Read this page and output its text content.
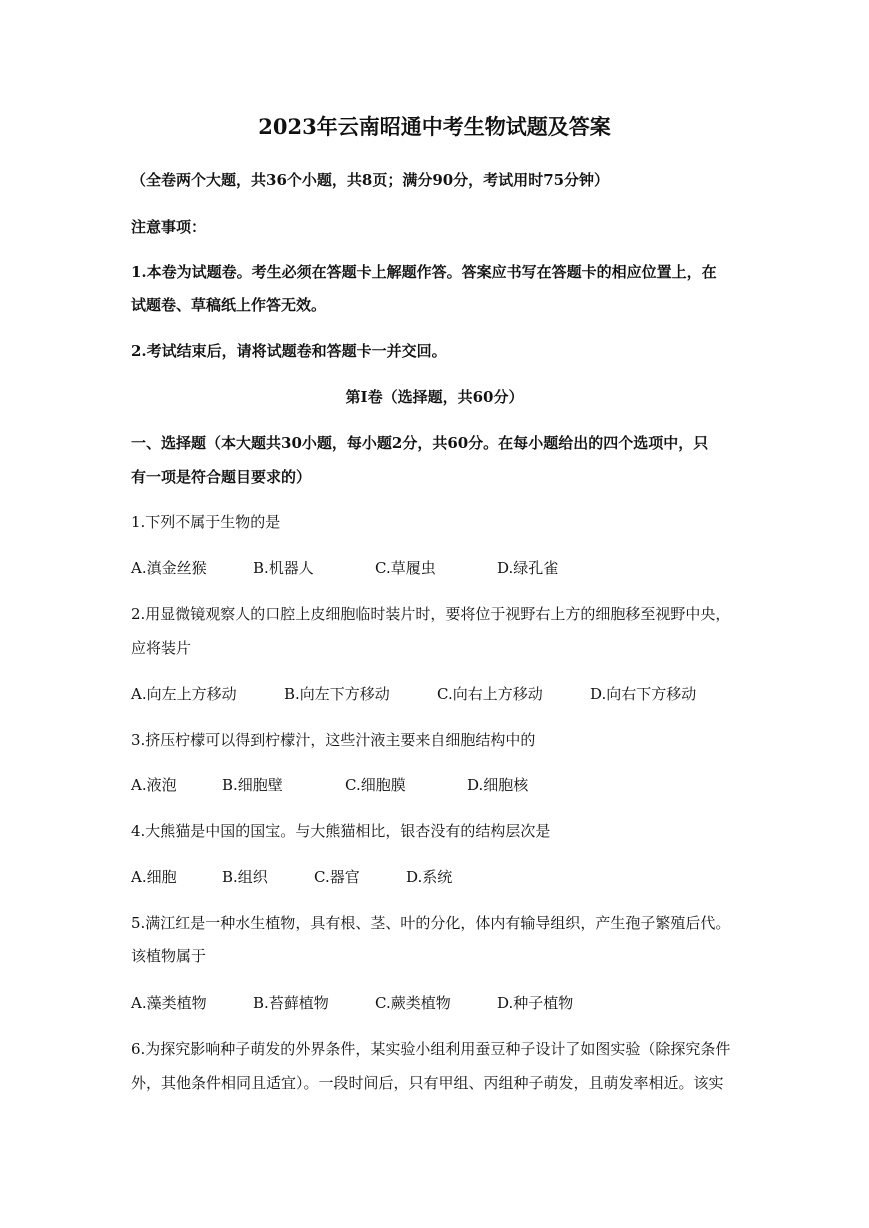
2023年云南昭通中考生物试题及答案
（全卷两个大题，共36个小题，共8页；满分90分，考试用时75分钟）
注意事项：
1.本卷为试题卷。考生必须在答题卡上解题作答。答案应书写在答题卡的相应位置上，在
试题卷、草稿纸上作答无效。
2.考试结束后，请将试题卷和答题卡一并交回。
第Ⅰ卷（选择题，共60分）
一、选择题（本大题共30小题，每小题2分，共60分。在每小题给出的四个选项中，只
有一项是符合题目要求的）
1.下列不属于生物的是
A.滇金丝猴	B.机器人	C.草履虫	D.绿孔雀
2.用显微镜观察人的口腔上皮细胞临时装片时，要将位于视野右上方的细胞移至视野中央，
应将装片
A.向左上方移动	B.向左下方移动	C.向右上方移动	D.向右下方移动
3.挤压柠檬可以得到柠檬汁，这些汁液主要来自细胞结构中的
A.液泡	B.细胞壁	C.细胞膜	D.细胞核
4.大熊猫是中国的国宝。与大熊猫相比，银杏没有的结构层次是
A.细胞	B.组织	C.器官	D.系统
5.满江红是一种水生植物，具有根、茎、叶的分化，体内有输导组织，产生孢子繁殖后代。
该植物属于
A.藻类植物	B.苔藓植物	C.蕨类植物	D.种子植物
6.为探究影响种子萌发的外界条件，某实验小组利用蚕豆种子设计了如图实验（除探究条件
外，其他条件相同且适宜）。一段时间后，只有甲组、丙组种子萌发，且萌发率相近。该实
